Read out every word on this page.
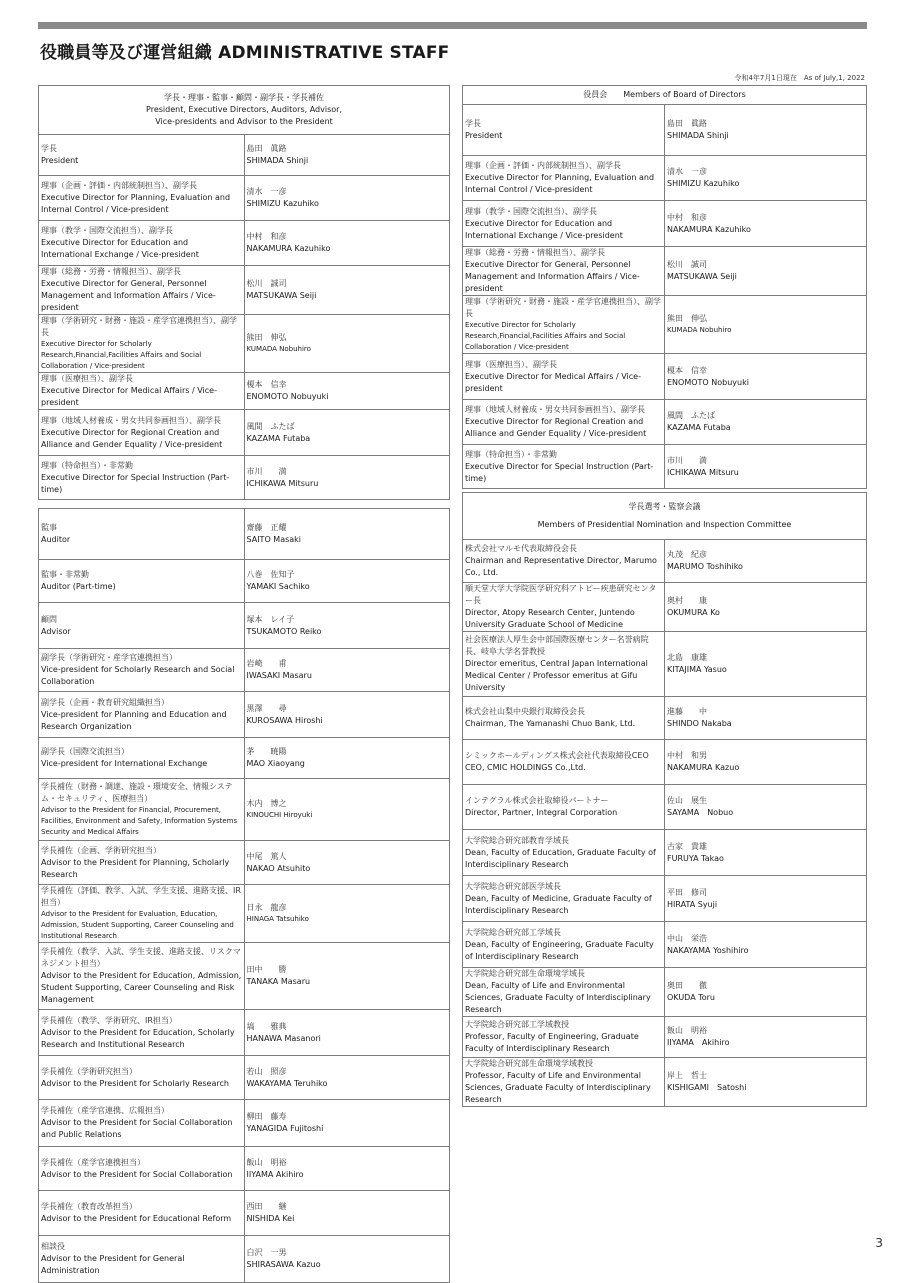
役職員等及び運営組織 ADMINISTRATIVE STAFF
令和4年7月1日現在　As of July,1, 2022
学長・理事・監事・顧問・副学長・学長補佐
President, Executive Directors, Auditors, Advisor,
Vice-presidents and Advisor to the President	

学長
President	島田　眞路
SHIMADA Shinji

理事（企画・評価・内部統制担当）、副学長
Executive Director for Planning, Evaluation and Internal Control / Vice-president	清水　一彦
SHIMIZU Kazuhiko

理事（教学・国際交流担当）、副学長
Executive Director for Education and International Exchange / Vice-president	中村　和彦
NAKAMURA Kazuhiko

理事（総務・労務・情報担当）、副学長
Executive Director for General, Personnel Management and Information Affairs / Vice-president	松川　誠司
MATSUKAWA Seiji

理事（学術研究・財務・施設・産学官連携担当）、副学長
Executive Director for Scholarly Research,Financial,Facilities Affairs and Social Collaboration / Vice-president	熊田　伸弘
KUMADA Nobuhiro

理事（医療担当）、副学長
Executive Director for Medical Affairs / Vice-president	榎本　信幸
ENOMOTO Nobuyuki

理事（地域人材養成・男女共同参画担当）、副学長
Executive Director for Regional Creation and Alliance and Gender Equality / Vice-president	風間　ふたば
KAZAMA Futaba

理事（特命担当）・非常勤
Executive Director for Special Instruction (Part-time)	市川　　満
ICHIKAWA Mitsuru

監事
Auditor	齋藤　正耀
SAITO Masaki

監事・非常勤
Auditor (Part-time)	八巻　佐知子
YAMAKI Sachiko

顧問
Advisor	塚本　レイ子
TSUKAMOTO Reiko

副学長（学術研究・産学官連携担当）
Vice-president for Scholarly Research and Social Collaboration	岩崎　　甫
IWASAKI Masaru

副学長（企画・教育研究組織担当）
Vice-president for Planning and Education and Research Organization	黒澤　　尋
KUROSAWA Hiroshi

副学長（国際交流担当）
Vice-president for International Exchange	茅　　暁陽
MAO Xiaoyang

学長補佐（財務・調達、施設・環境安全、情報システム・セキュリティ、医療担当）
Advisor to the President for Financial, Procurement, Facilities, Environment and Safety, Information Systems Security and Medical Affairs	木内　博之
KINOUCHI Hiroyuki

学長補佐（企画、学術研究担当）
Advisor to the President for Planning, Scholarly Research	中尾　篤人
NAKAO Atsuhito

学長補佐（評価、教学、入試、学生支援、進路支援、IR担当）
Advisor to the President for Evaluation, Education, Admission, Student Supporting, Career Counseling and Institutional Research	日永　龍彦
HINAGA Tatsuhiko

学長補佐（教学、入試、学生支援、進路支援、リスクマネジメント担当）
Advisor to the President for Education, Admission, Student Supporting, Career Counseling and Risk Management	田中　　勝
TANAKA Masaru

学長補佐（教学、学術研究、IR担当）
Advisor to the President for Education, Scholarly Research and Institutional Research	塙　　雅典
HANAWA Masanori

学長補佐（学術研究担当）
Advisor to the President for Scholarly Research	若山　照彦
WAKAYAMA Teruhiko

学長補佐（産学官連携、広報担当）
Advisor to the President for Social Collaboration and Public Relations	柳田　藤寿
YANAGIDA Fujitoshi

学長補佐（産学官連携担当）
Advisor to the President for Social Collaboration	飯山　明裕
IIYAMA Akihiro

学長補佐（教育改革担当）
Advisor to the President for Educational Reform	西田　　継
NISHIDA Kei

相談役
Advisor to the President for General Administration	白沢　一男
SHIRASAWA Kazuo
役員会　　Members of Board of Directors	

学長
President	島田　眞路
SHIMADA Shinji

理事（企画・評価・内部統制担当）、副学長
Executive Director for Planning, Evaluation and Internal Control / Vice-president	清水　一彦
SHIMIZU Kazuhiko

理事（教学・国際交流担当）、副学長
Executive Director for Education and International Exchange / Vice-president	中村　和彦
NAKAMURA Kazuhiko

理事（総務・労務・情報担当）、副学長
Executive Director for General, Personnel Management and Information Affairs / Vice-president	松川　誠司
MATSUKAWA Seiji

理事（学術研究・財務・施設・産学官連携担当）、副学長
Executive Director for Scholarly Research,Financial,Facilities Affairs and Social Collaboration / Vice-president	熊田　伸弘
KUMADA Nobuhiro

理事（医療担当）、副学長
Executive Director for Medical Affairs / Vice-president	榎本　信幸
ENOMOTO Nobuyuki

理事（地域人材養成・男女共同参画担当）、副学長
Executive Director for Regional Creation and Alliance and Gender Equality / Vice-president	風間　ふたば
KAZAMA Futaba

理事（特命担当）・非常勤
Executive Director for Special Instruction (Part-time)	市川　　満
ICHIKAWA Mitsuru
学長選考・監察会議
Members of Presidential Nomination and Inspection Committee	

株式会社マルモ代表取締役会長
Chairman and Representative Director, Marumo Co., Ltd.	丸茂　紀彦
MARUMO Toshihiko

順天堂大学大学院医学研究科アトピー疾患研究センター長
Director, Atopy Research Center, Juntendo University Graduate School of Medicine	奥村　　康
OKUMURA Ko

社会医療法人厚生会中部国際医療センター名誉病院長、岐阜大学名誉教授
Director emeritus, Central Japan International Medical Center / Professor emeritus at Gifu University	北島　康雄
KITAJIMA Yasuo

株式会社山梨中央銀行取締役会長
Chairman, The Yamanashi Chuo Bank, Ltd.	進藤　　中
SHINDO Nakaba

シミックホールディングス株式会社代表取締役CEO
CEO, CMIC HOLDINGS Co.,Ltd.	中村　和男
NAKAMURA Kazuo

インテグラル株式会社取締役パートナー
Director, Partner, Integral Corporation	佐山　展生
SAYAMA　Nobuo

大学院総合研究部教育学域長
Dean, Faculty of Education, Graduate Faculty of Interdisciplinary Research	古家　貴雄
FURUYA Takao

大学院総合研究部医学域長
Dean, Faculty of Medicine, Graduate Faculty of Interdisciplinary Research	平田　修司
HIRATA Syuji

大学院総合研究部工学域長
Dean, Faculty of Engineering, Graduate Faculty of Interdisciplinary Research	中山　栄浩
NAKAYAMA Yoshihiro

大学院総合研究部生命環境学域長
Dean, Faculty of Life and Environmental Sciences, Graduate Faculty of Interdisciplinary Research	奥田　　徹
OKUDA Toru

大学院総合研究部工学域教授
Professor, Faculty of Engineering, Graduate Faculty of Interdisciplinary Research	飯山　明裕
IIYAMA　Akihiro

大学院総合研究部生命環境学域教授
Professor, Faculty of Life and Environmental Sciences, Graduate Faculty of Interdisciplinary Research	岸上　哲士
KISHIGAMI　Satoshi
3
